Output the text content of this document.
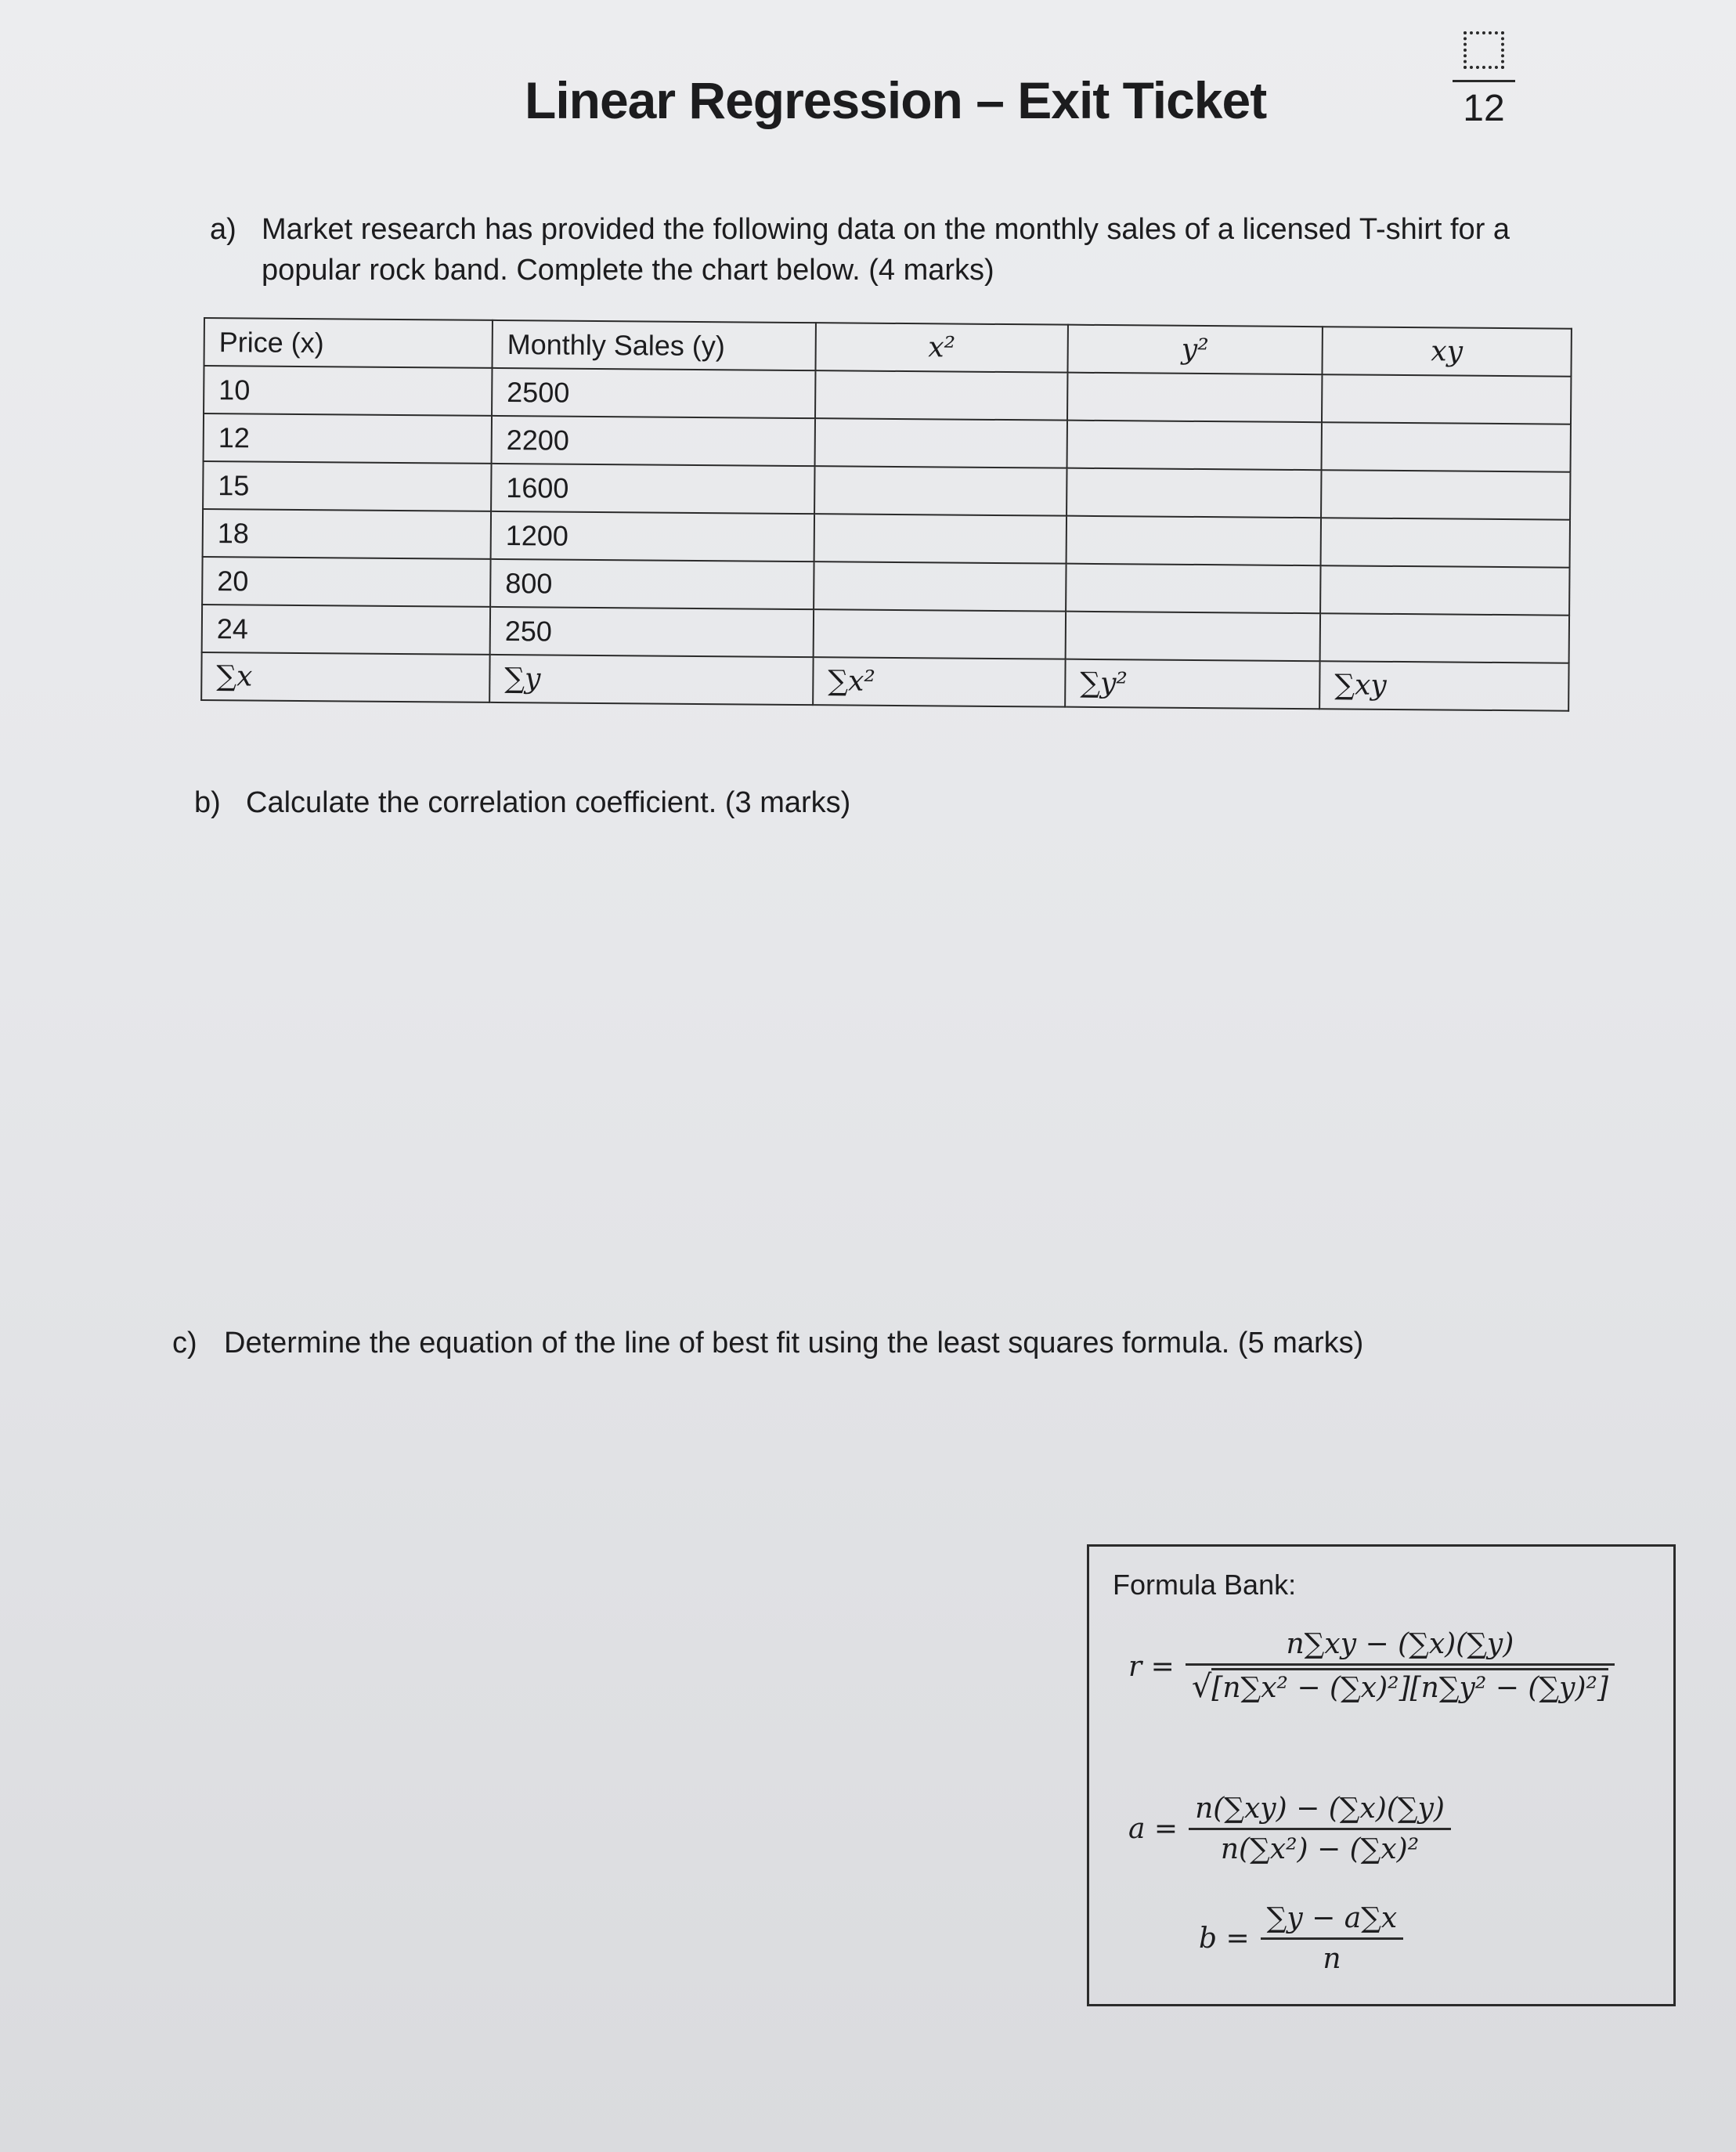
Linear Regression – Exit Ticket	12
a) Market research has provided the following data on the monthly sales of a licensed T-shirt for a
popular rock band. Complete the chart below. (4 marks)
Price (x)	Monthly Sales (y)	x²	y²	xy
10	2500			
12	2200			
15	1600			
18	1200			
20	800			
24	250			
∑x	∑y	∑x²	∑y²	∑xy
b) Calculate the correlation coefficient. (3 marks)
c) Determine the equation of the line of best fit using the least squares formula. (5 marks)
Formula Bank:
$r = \frac{n\sum xy - (\sum x)(\sum y)}{\text{√[n∑x² − (∑x)²][n∑y² − (∑y)²]}}$
$a = \frac{n(\sum xy) - (\sum x)(\sum y)}{\text{n(∑x²) − (∑x)²}}$
$b = \frac{\sum y - a\sum x}{n}$
